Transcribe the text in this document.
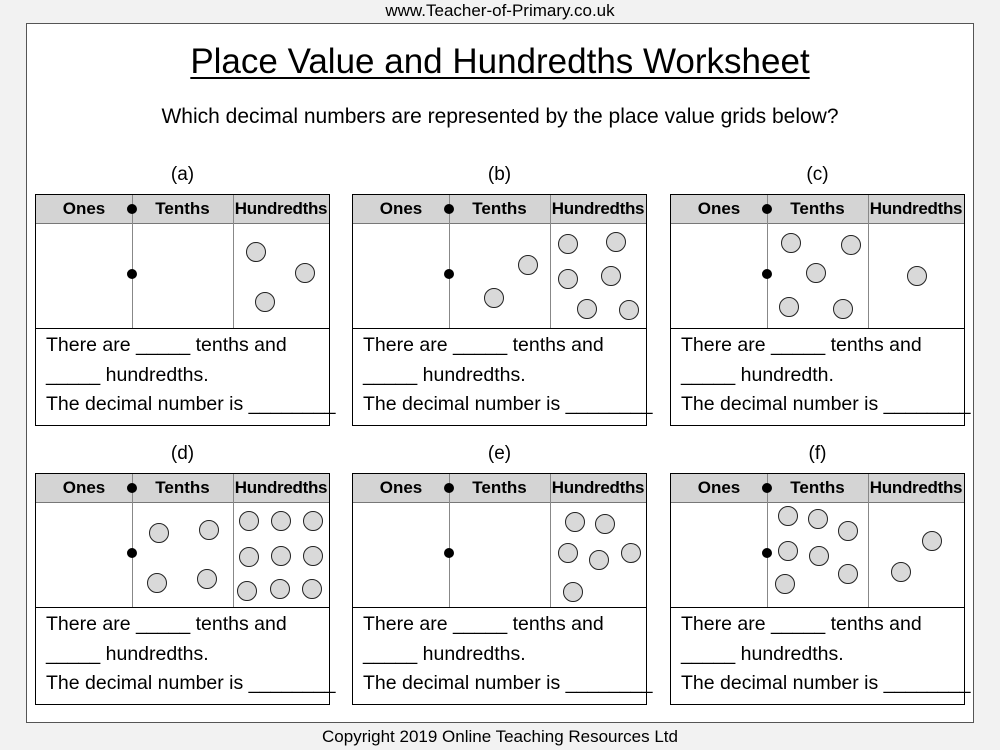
www.Teacher-of-Primary.co.uk
Place Value and Hundredths Worksheet
Which decimal numbers are represented by the place value grids below?
Copyright 2019 Online Teaching Resources Ltd
(a)
Ones	Tenths	Hundredths
There are _____ tenths and
_____ hundredths.
The decimal number is ________
(b)
Ones	Tenths	Hundredths
There are _____ tenths and
_____ hundredths.
The decimal number is ________
(c)
Ones	Tenths	Hundredths
There are _____ tenths and
_____ hundredth.
The decimal number is ________
(d)
Ones	Tenths	Hundredths
There are _____ tenths and
_____ hundredths.
The decimal number is ________
(e)
Ones	Tenths	Hundredths
There are _____ tenths and
_____ hundredths.
The decimal number is ________
(f)
Ones	Tenths	Hundredths
There are _____ tenths and
_____ hundredths.
The decimal number is ________
